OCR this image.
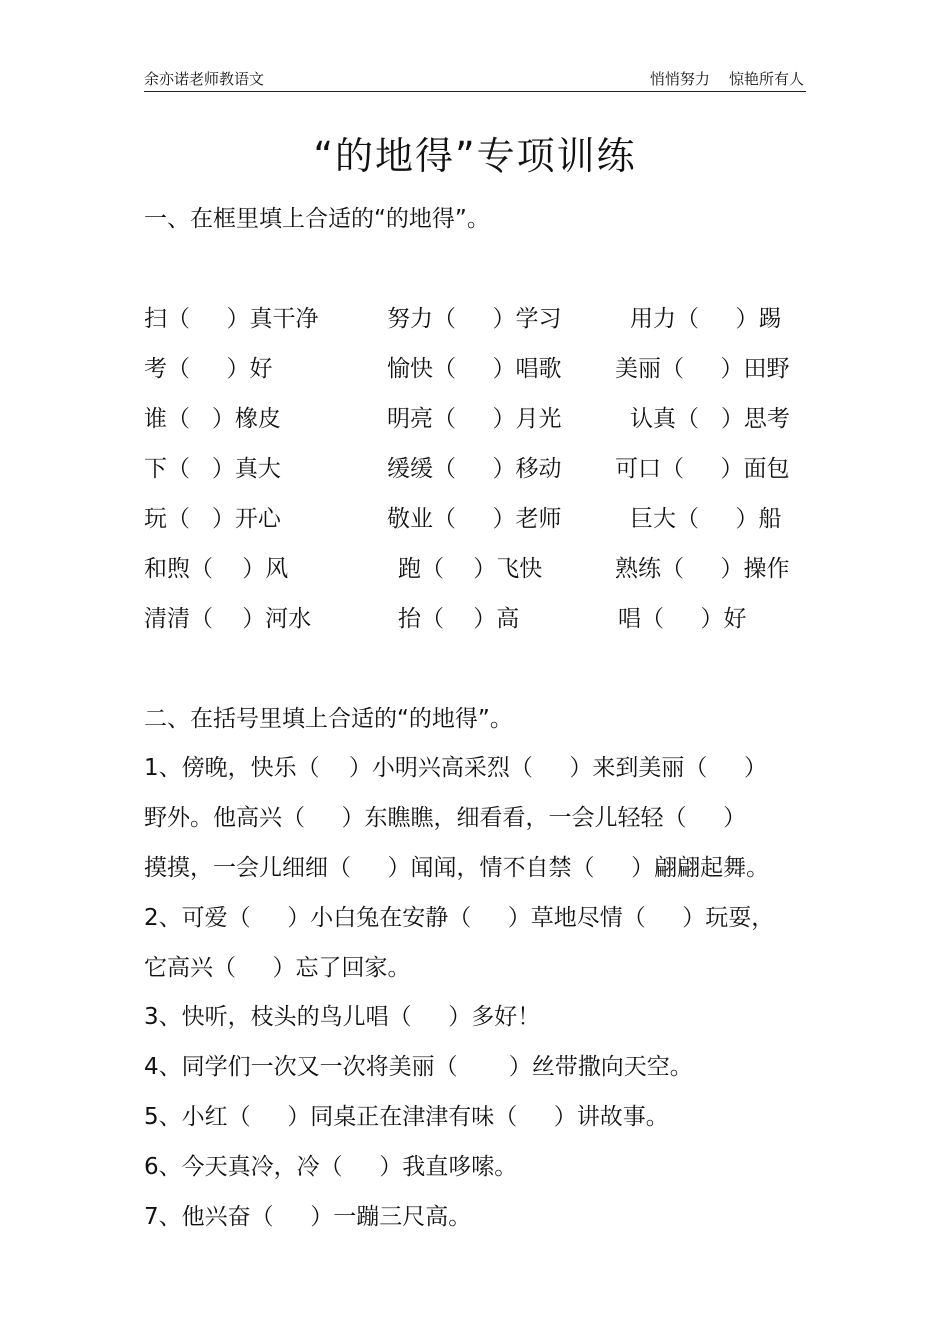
余亦诺老师教语文	悄悄努力    惊艳所有人
“的地得”专项训练
一、在框里填上合适的“的地得”。
扫（     ）真干净	努力（     ）学习	用力（     ）踢
考（     ）好	愉快（     ）唱歌 美丽（     ）田野
谁（   ）橡皮	明亮（     ）月光	认真（   ）思考
下（   ）真大	缓缓（     ）移动 可口（     ）面包
玩（   ）开心	敬业（     ）老师	巨大（     ）船
和煦（    ）风	跑（    ）飞快	熟练（     ）操作
清清（    ）河水	抬（    ）高	唱（     ）好
二、在括号里填上合适的“的地得”。
1、傍晚，快乐（    ）小明兴高采烈（     ）来到美丽（     ）
野外。他高兴（     ）东瞧瞧，细看看，一会儿轻轻（     ）
摸摸，一会儿细细（     ）闻闻，情不自禁（     ）翩翩起舞。
2、可爱（     ）小白兔在安静（     ）草地尽情（     ）玩耍，
它高兴（     ）忘了回家。
3、快听，枝头的鸟儿唱（     ）多好！
4、同学们一次又一次将美丽（       ）丝带撒向天空。
5、小红（     ）同桌正在津津有味（     ）讲故事。
6、今天真冷，冷（     ）我直哆嗦。
7、他兴奋（     ）一蹦三尺高。
